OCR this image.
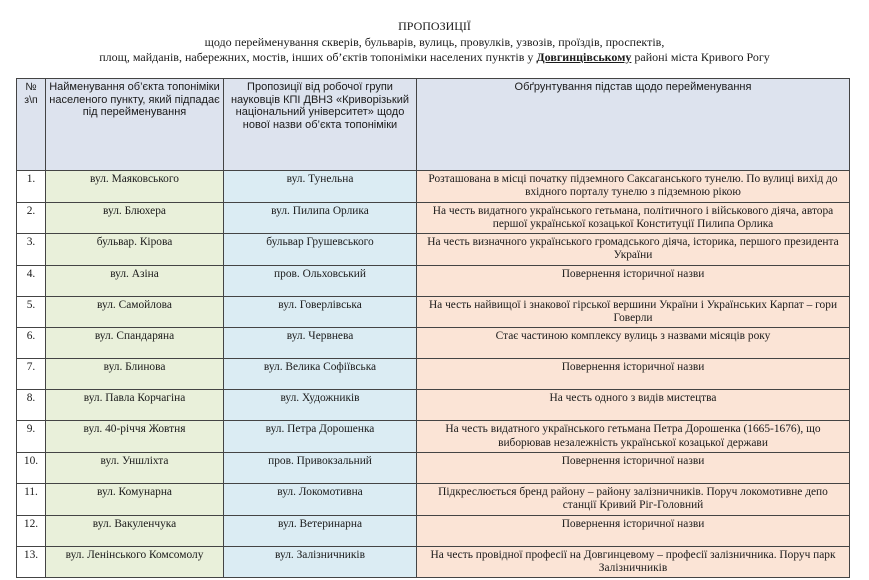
ПРОПОЗИЦІЇ
щодо перейменування скверів, бульварів, вулиць, провулків, узвозів, проїздів, проспектів,
площ, майданів, набережних, мостів, інших об’єктів топоніміки населених пунктів у Довгинцівському районі міста Кривого Рогу
№ з\п	Найменування об’єкта топоніміки населеного пункту, який підпадає під перейменування	Пропозиції від робочої групи науковців КПІ ДВНЗ «Криворізький національний університет» щодо нової назви об’єкта топоніміки	Обґрунтування підстав щодо перейменування
1.	вул. Маяковського	вул. Тунельна	Розташована в місці початку підземного Саксаганського тунелю. По вулиці вихід до вхідного порталу тунелю з підземною рікою
2.	вул. Блюхера	вул. Пилипа Орлика	На честь видатного українського гетьмана, політичного і військового діяча, автора першої української козацької Конституції Пилипа Орлика
3.	бульвар. Кірова	бульвар Грушевського	На честь визначного українського громадського діяча, історика, першого президента України
4.	вул. Азіна	пров. Ольховський	Повернення історичної назви
5.	вул. Самойлова	вул. Говерлівська	На честь найвищої і знакової гірської вершини України і Українських Карпат – гори Говерли
6.	вул. Спандаряна	вул. Червнева	Стає частиною комплексу вулиць з назвами місяців року
7.	вул. Блинова	вул. Велика Софіївська	Повернення історичної назви
8.	вул. Павла Корчагіна	вул. Художників	На честь одного з видів мистецтва
9.	вул. 40-річчя Жовтня	вул. Петра Дорошенка	На честь видатного українського гетьмана Петра Дорошенка (1665-1676), що виборював незалежність української козацької держави
10.	вул. Уншліхта	пров. Привокзальний	Повернення історичної назви
11.	вул. Комунарна	вул. Локомотивна	Підкреслюється бренд району – району залізничників. Поруч локомотивне депо станції Кривий Ріг-Головний
12.	вул. Вакуленчука	вул. Ветеринарна	Повернення історичної назви
13.	вул. Ленінського Комсомолу	вул. Залізничників	На честь провідної професії на Довгинцевому – професії залізничника. Поруч парк Залізничників
